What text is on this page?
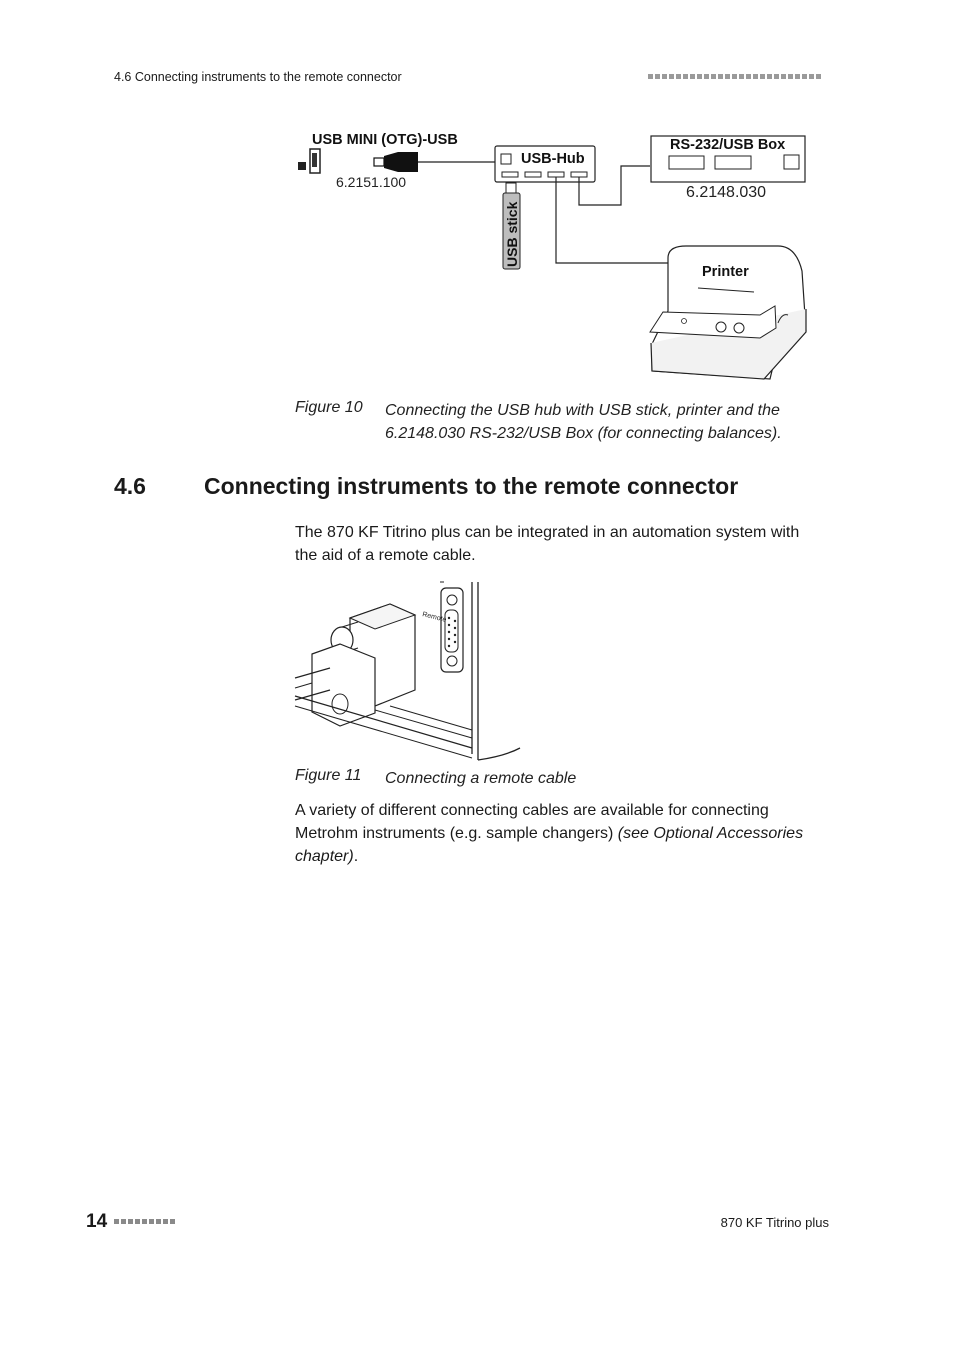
4.6 Connecting instruments to the remote connector
USB MINI (OTG)-USB
6.2151.100
USB-Hub
USB stick
RS-232/USB Box
6.2148.030
Printer
Figure 10 Connecting the USB hub with USB stick, printer and the 6.2148.030 RS-232/USB Box (for connecting balances).
4.6	Connecting instruments to the remote connector
The 870 KF Titrino plus can be integrated in an automation system with the aid of a remote cable.
Remote
Figure 11 Connecting a remote cable
A variety of different connecting cables are available for connecting Metrohm instruments (e.g. sample changers) (see Optional Accessories chapter).
14	870 KF Titrino plus
